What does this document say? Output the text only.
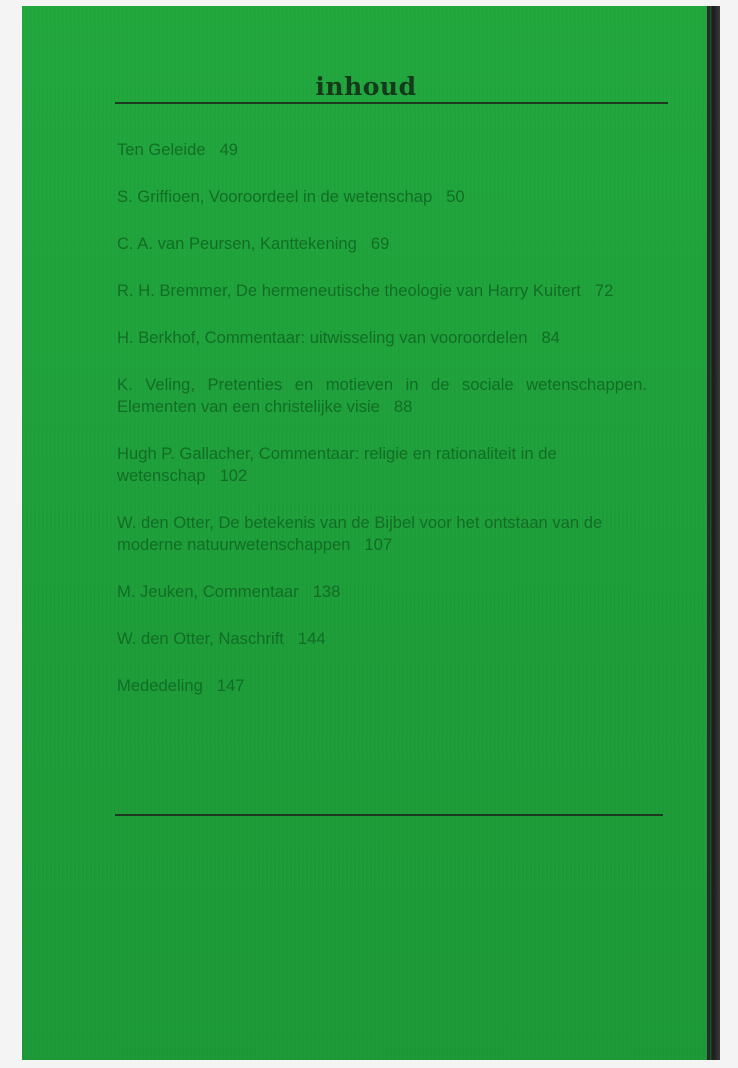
inhoud
Ten Geleide 49
S. Griffioen, Vooroordeel in de wetenschap 50
C. A. van Peursen, Kanttekening 69
R. H. Bremmer, De hermeneutische theologie van Harry Kuitert 72
H. Berkhof, Commentaar: uitwisseling van vooroordelen 84
K. Veling, Pretenties en motieven in de sociale wetenschappen. Elementen van een christelijke visie 88
Hugh P. Gallacher, Commentaar: religie en rationaliteit in de wetenschap 102
W. den Otter, De betekenis van de Bijbel voor het ontstaan van de moderne natuurwetenschappen 107
M. Jeuken, Commentaar 138
W. den Otter, Naschrift 144
Mededeling 147
